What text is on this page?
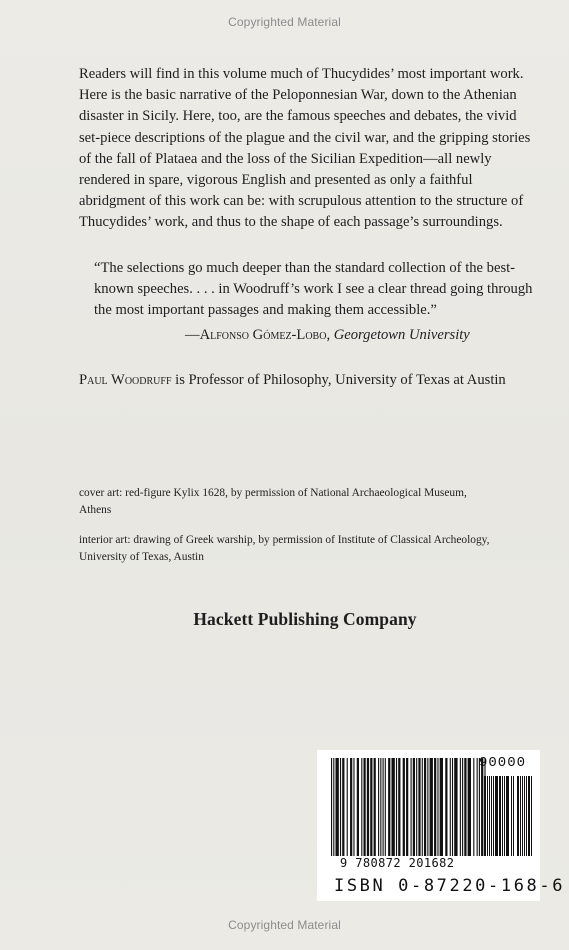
Copyrighted Material

Readers will find in this volume much of Thucydides’ most important work. Here is the basic narrative of the Peloponnesian War, down to the Athenian disaster in Sicily. Here, too, are the famous speeches and debates, the vivid set-piece descriptions of the plague and the civil war, and the gripping stories of the fall of Plataea and the loss of the Sicilian Expedition—all newly rendered in spare, vigorous English and presented as only a faithful abridgment of this work can be: with scrupulous attention to the structure of Thucydides’ work, and thus to the shape of each passage’s surroundings.

“The selections go much deeper than the standard collection of the best-known speeches. . . . in Woodruff’s work I see a clear thread going through the most important passages and making them accessible.”

—Alfonso Gómez-Lobo, Georgetown University

Paul Woodruff is Professor of Philosophy, University of Texas at Austin

cover art: red-figure Kylix 1628, by permission of National Archaeological Museum, Athens

interior art: drawing of Greek warship, by permission of Institute of Classical Archeology, University of Texas, Austin

Hackett Publishing Company
90000
9 780872 201682
ISBN 0-87220-168-6
Copyrighted Material
